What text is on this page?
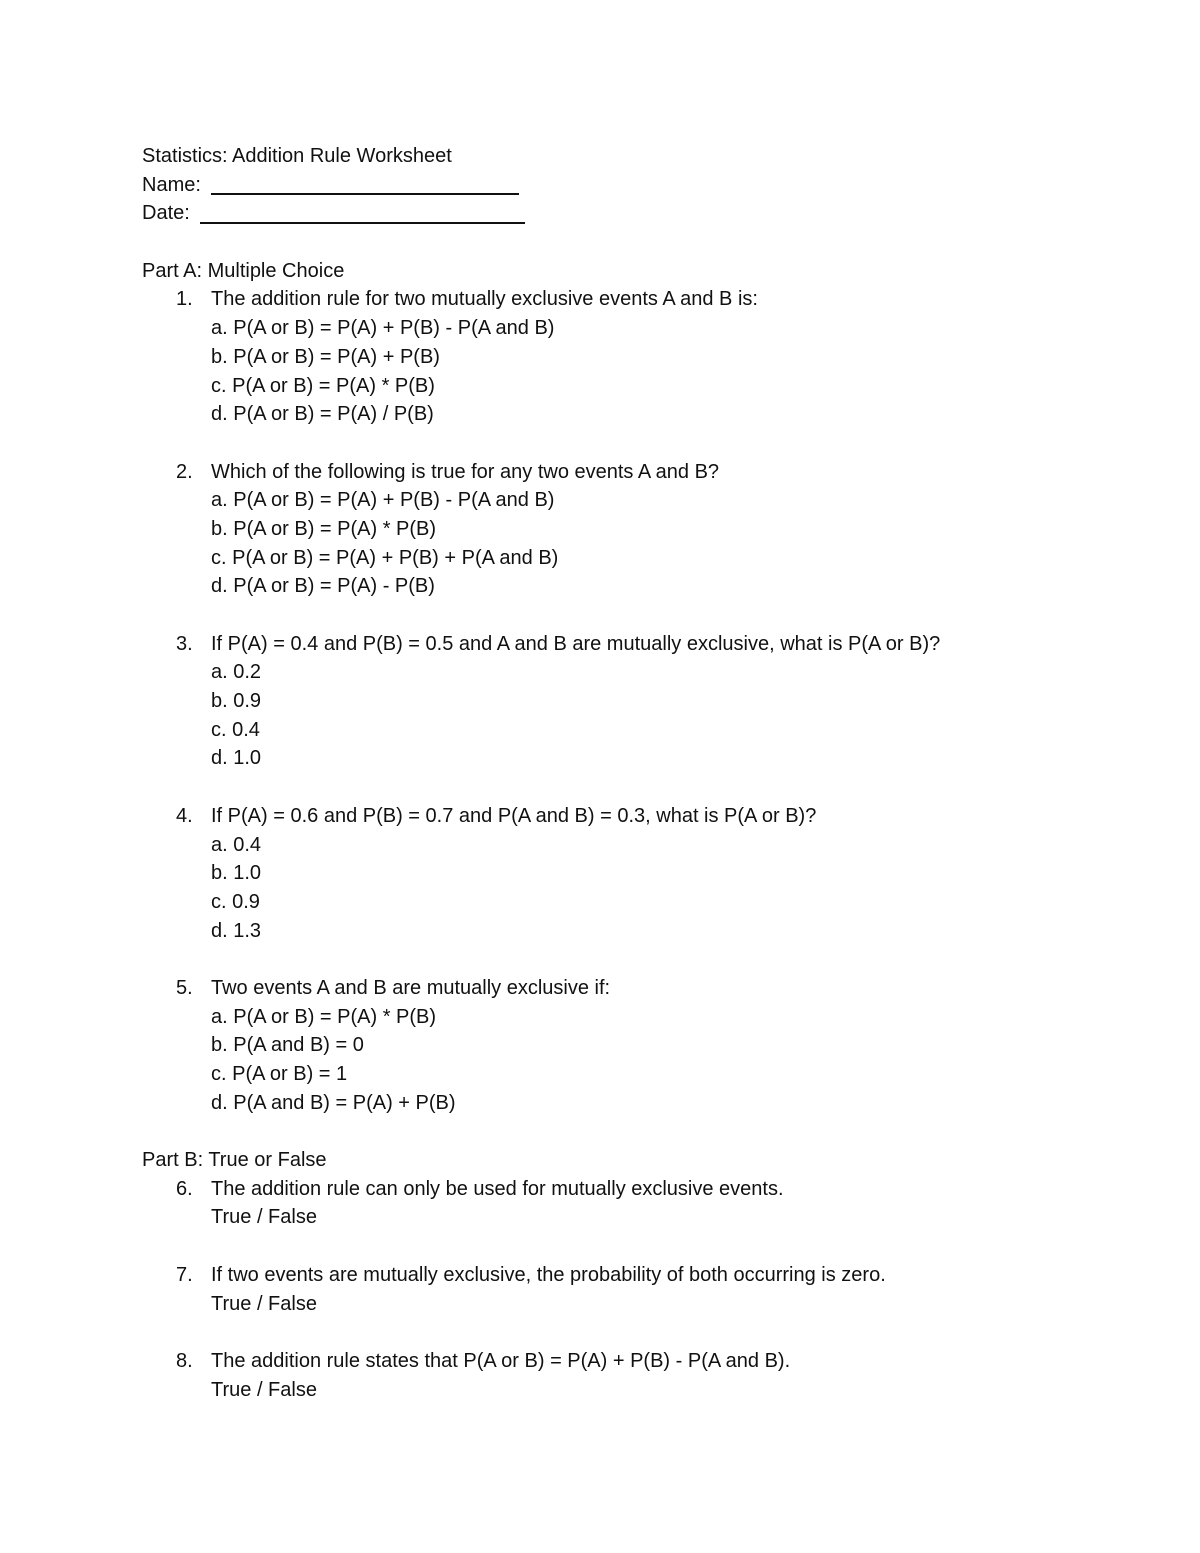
Statistics: Addition Rule Worksheet
Name:
Date:
Part A: Multiple Choice
1. The addition rule for two mutually exclusive events A and B is:
a. P(A or B) = P(A) + P(B) - P(A and B)
b. P(A or B) = P(A) + P(B)
c. P(A or B) = P(A) * P(B)
d. P(A or B) = P(A) / P(B)
2. Which of the following is true for any two events A and B?
a. P(A or B) = P(A) + P(B) - P(A and B)
b. P(A or B) = P(A) * P(B)
c. P(A or B) = P(A) + P(B) + P(A and B)
d. P(A or B) = P(A) - P(B)
3. If P(A) = 0.4 and P(B) = 0.5 and A and B are mutually exclusive, what is P(A or B)?
a. 0.2
b. 0.9
c. 0.4
d. 1.0
4. If P(A) = 0.6 and P(B) = 0.7 and P(A and B) = 0.3, what is P(A or B)?
a. 0.4
b. 1.0
c. 0.9
d. 1.3
5. Two events A and B are mutually exclusive if:
a. P(A or B) = P(A) * P(B)
b. P(A and B) = 0
c. P(A or B) = 1
d. P(A and B) = P(A) + P(B)
Part B: True or False
6. The addition rule can only be used for mutually exclusive events.
True / False
7. If two events are mutually exclusive, the probability of both occurring is zero.
True / False
8. The addition rule states that P(A or B) = P(A) + P(B) - P(A and B).
True / False
